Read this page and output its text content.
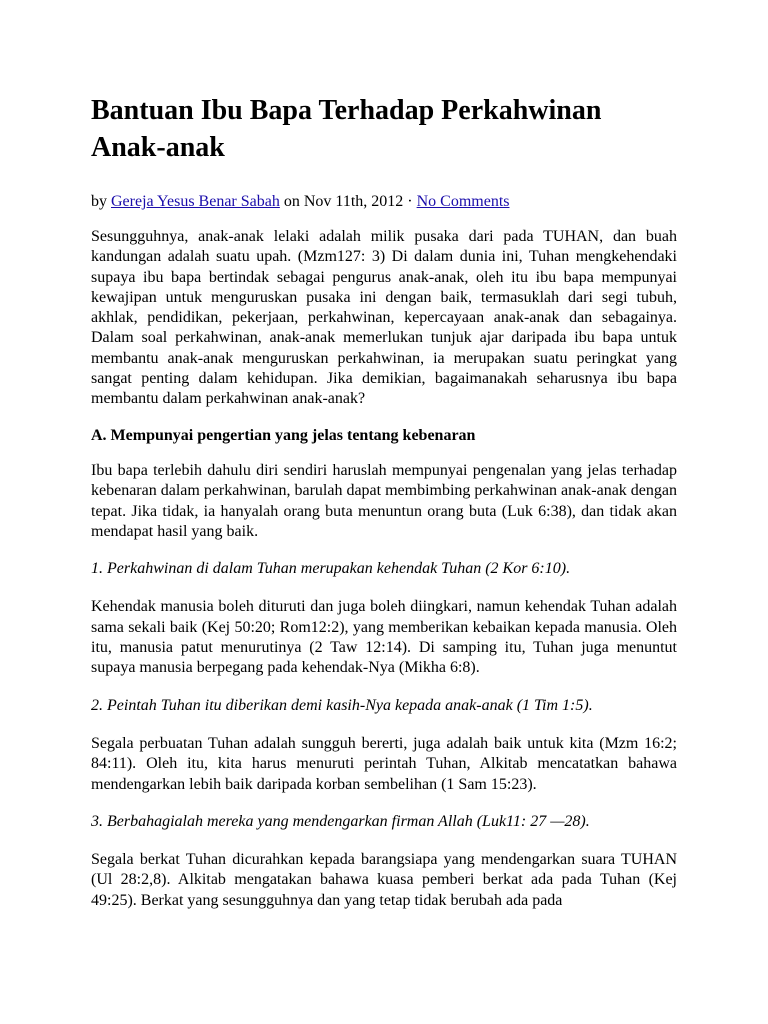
Bantuan Ibu Bapa Terhadap Perkahwinan Anak-anak
by Gereja Yesus Benar Sabah on Nov 11th, 2012 · No Comments

Sesungguhnya, anak-anak lelaki adalah milik pusaka dari pada TUHAN, dan buah kandungan adalah suatu upah. (Mzm127: 3) Di dalam dunia ini, Tuhan mengkehendaki supaya ibu bapa bertindak sebagai pengurus anak-anak, oleh itu ibu bapa mempunyai kewajipan untuk menguruskan pusaka ini dengan baik, termasuklah dari segi tubuh, akhlak, pendidikan, pekerjaan, perkahwinan, kepercayaan anak-anak dan sebagainya. Dalam soal perkahwinan, anak-anak memerlukan tunjuk ajar daripada ibu bapa untuk membantu anak-anak menguruskan perkahwinan, ia merupakan suatu peringkat yang sangat penting dalam kehidupan. Jika demikian, bagaimanakah seharusnya ibu bapa membantu dalam perkahwinan anak-anak?

A. Mempunyai pengertian yang jelas tentang kebenaran

Ibu bapa terlebih dahulu diri sendiri haruslah mempunyai pengenalan yang jelas terhadap kebenaran dalam perkahwinan, barulah dapat membimbing perkahwinan anak-anak dengan tepat. Jika tidak, ia hanyalah orang buta menuntun orang buta (Luk 6:38), dan tidak akan mendapat hasil yang baik.

1. Perkahwinan di dalam Tuhan merupakan kehendak Tuhan (2 Kor 6:10).

Kehendak manusia boleh dituruti dan juga boleh diingkari, namun kehendak Tuhan adalah sama sekali baik (Kej 50:20; Rom12:2), yang memberikan kebaikan kepada manusia. Oleh itu, manusia patut menurutinya (2 Taw 12:14). Di samping itu, Tuhan juga menuntut supaya manusia berpegang pada kehendak-Nya (Mikha 6:8).

2. Peintah Tuhan itu diberikan demi kasih-Nya kepada anak-anak (1 Tim 1:5).

Segala perbuatan Tuhan adalah sungguh bererti, juga adalah baik untuk kita (Mzm 16:2; 84:11). Oleh itu, kita harus menuruti perintah Tuhan, Alkitab mencatatkan bahawa mendengarkan lebih baik daripada korban sembelihan (1 Sam 15:23).

3. Berbahagialah mereka yang mendengarkan firman Allah (Luk11: 27 —28).

Segala berkat Tuhan dicurahkan kepada barangsiapa yang mendengarkan suara TUHAN (Ul 28:2,8). Alkitab mengatakan bahawa kuasa pemberi berkat ada pada Tuhan (Kej 49:25). Berkat yang sesungguhnya dan yang tetap tidak berubah ada pada
